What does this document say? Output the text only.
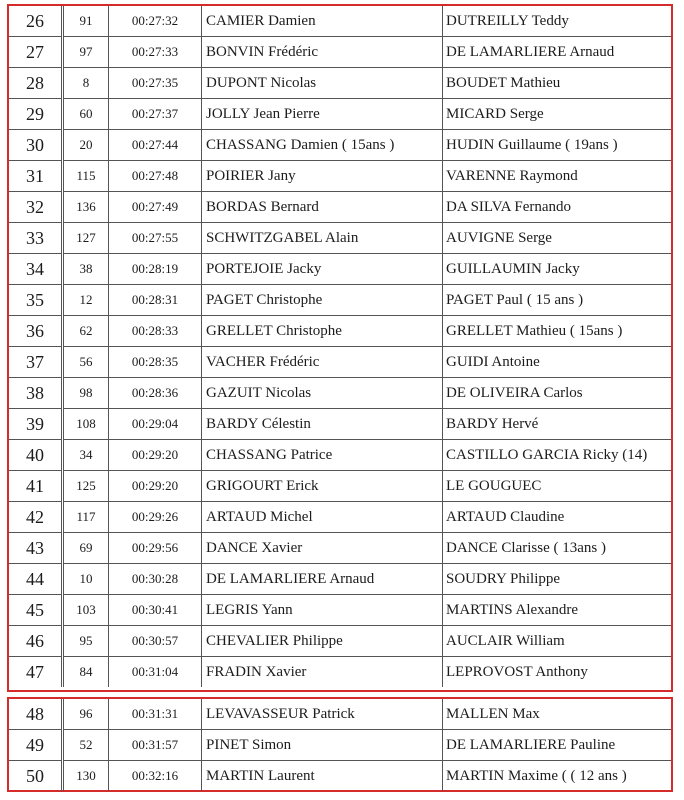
26	91	00:27:32	CAMIER Damien	DUTREILLY Teddy
27	97	00:27:33	BONVIN Frédéric	DE LAMARLIERE Arnaud
28	8	00:27:35	DUPONT Nicolas	BOUDET Mathieu
29	60	00:27:37	JOLLY Jean Pierre	MICARD Serge
30	20	00:27:44	CHASSANG Damien ( 15ans )	HUDIN Guillaume ( 19ans )
31	115	00:27:48	POIRIER Jany	VARENNE Raymond
32	136	00:27:49	BORDAS Bernard	DA SILVA Fernando
33	127	00:27:55	SCHWITZGABEL Alain	AUVIGNE Serge
34	38	00:28:19	PORTEJOIE Jacky	GUILLAUMIN Jacky
35	12	00:28:31	PAGET Christophe	PAGET Paul ( 15 ans )
36	62	00:28:33	GRELLET Christophe	GRELLET Mathieu ( 15ans )
37	56	00:28:35	VACHER Frédéric	GUIDI Antoine
38	98	00:28:36	GAZUIT Nicolas	DE OLIVEIRA Carlos
39	108	00:29:04	BARDY Célestin	BARDY Hervé
40	34	00:29:20	CHASSANG Patrice	CASTILLO GARCIA Ricky (14)
41	125	00:29:20	GRIGOURT Erick	LE GOUGUEC
42	117	00:29:26	ARTAUD Michel	ARTAUD Claudine
43	69	00:29:56	DANCE Xavier	DANCE Clarisse ( 13ans )
44	10	00:30:28	DE LAMARLIERE Arnaud	SOUDRY Philippe
45	103	00:30:41	LEGRIS Yann	MARTINS Alexandre
46	95	00:30:57	CHEVALIER Philippe	AUCLAIR William
47	84	00:31:04	FRADIN Xavier	LEPROVOST Anthony
48	96	00:31:31	LEVAVASSEUR Patrick	MALLEN Max
49	52	00:31:57	PINET Simon	DE LAMARLIERE Pauline
50	130	00:32:16	MARTIN Laurent	MARTIN Maxime ( ( 12 ans )
